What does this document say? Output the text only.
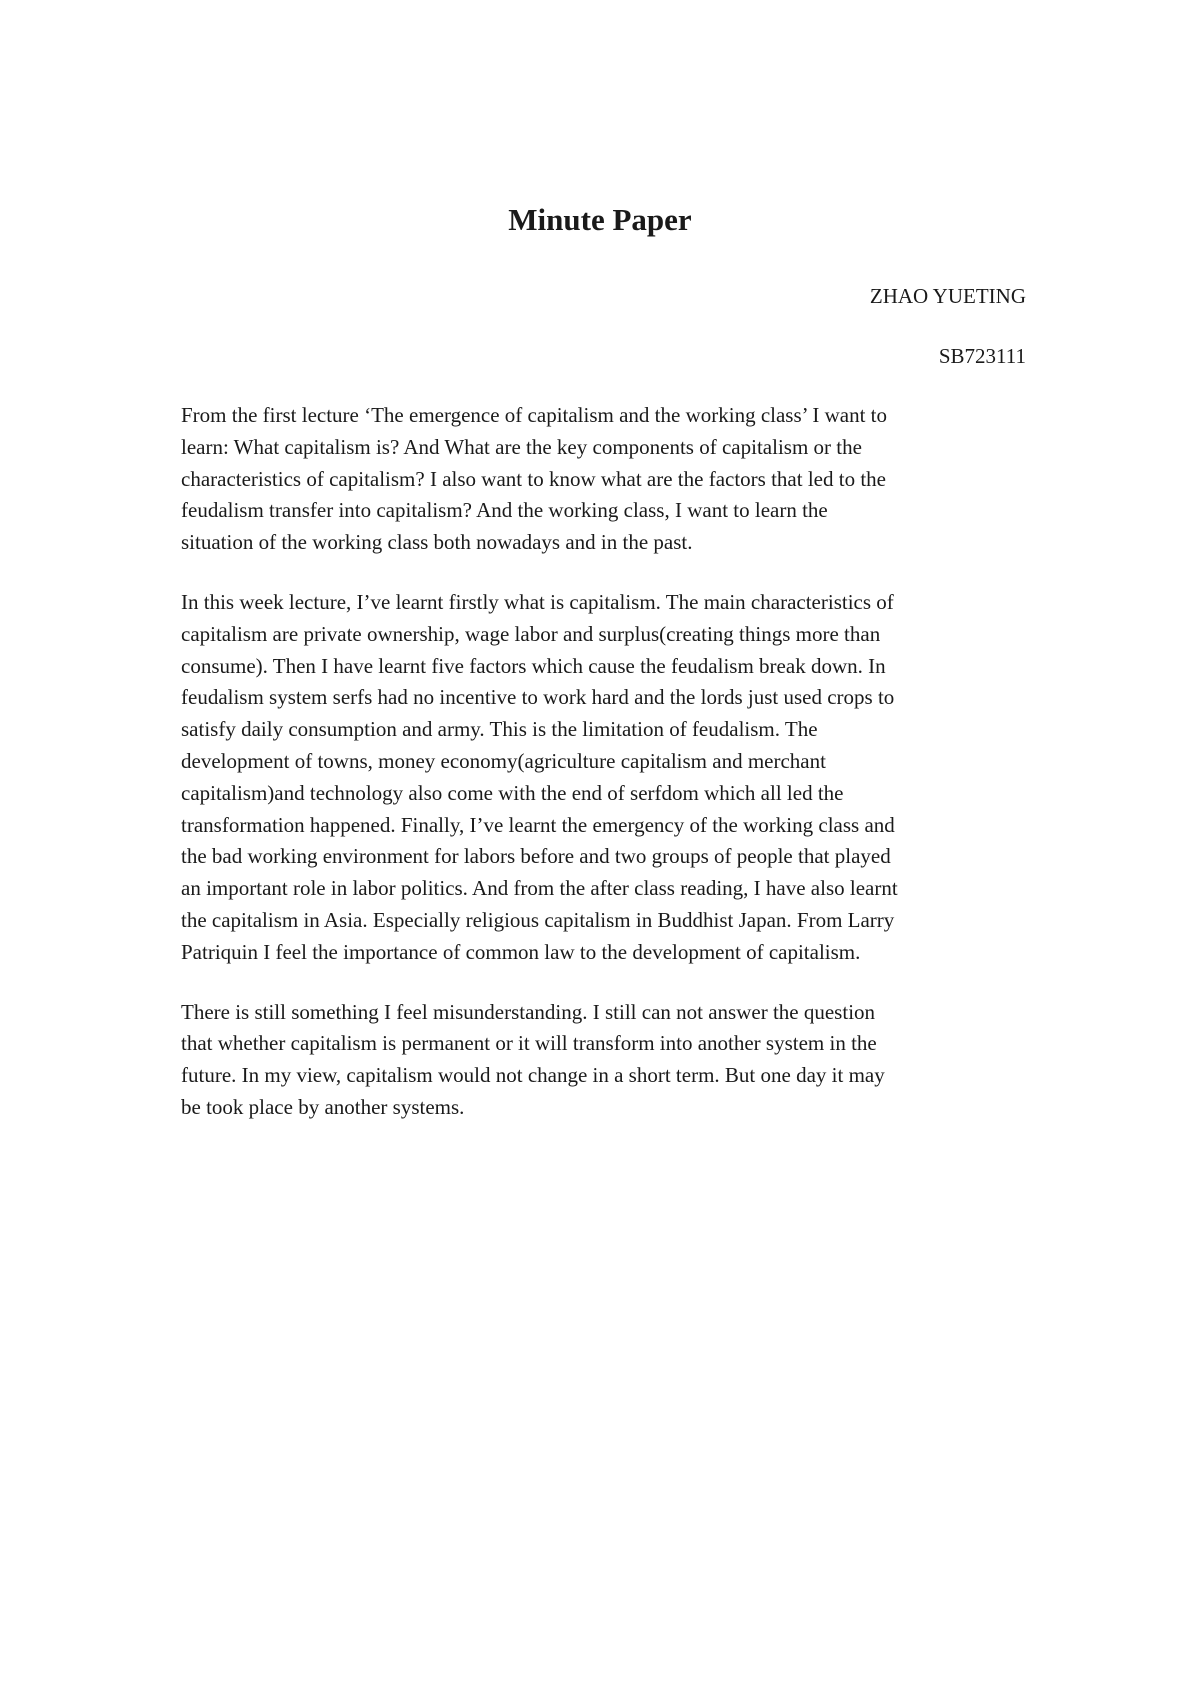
Minute Paper

ZHAO YUETING

SB723111

From the first lecture ‘The emergence of capitalism and the working class’ I want to
learn: What capitalism is? And What are the key components of capitalism or the
characteristics of capitalism? I also want to know what are the factors that led to the
feudalism transfer into capitalism? And the working class, I want to learn the
situation of the working class both nowadays and in the past.

In this week lecture, I’ve learnt firstly what is capitalism. The main characteristics of
capitalism are private ownership, wage labor and surplus(creating things more than
consume). Then I have learnt five factors which cause the feudalism break down. In
feudalism system serfs had no incentive to work hard and the lords just used crops to
satisfy daily consumption and army. This is the limitation of feudalism. The
development of towns, money economy(agriculture capitalism and merchant
capitalism)and technology also come with the end of serfdom which all led the
transformation happened. Finally, I’ve learnt the emergency of the working class and
the bad working environment for labors before and two groups of people that played
an important role in labor politics. And from the after class reading, I have also learnt
the capitalism in Asia. Especially religious capitalism in Buddhist Japan. From Larry
Patriquin I feel the importance of common law to the development of capitalism.

There is still something I feel misunderstanding. I still can not answer the question
that whether capitalism is permanent or it will transform into another system in the
future. In my view, capitalism would not change in a short term. But one day it may
be took place by another systems.
